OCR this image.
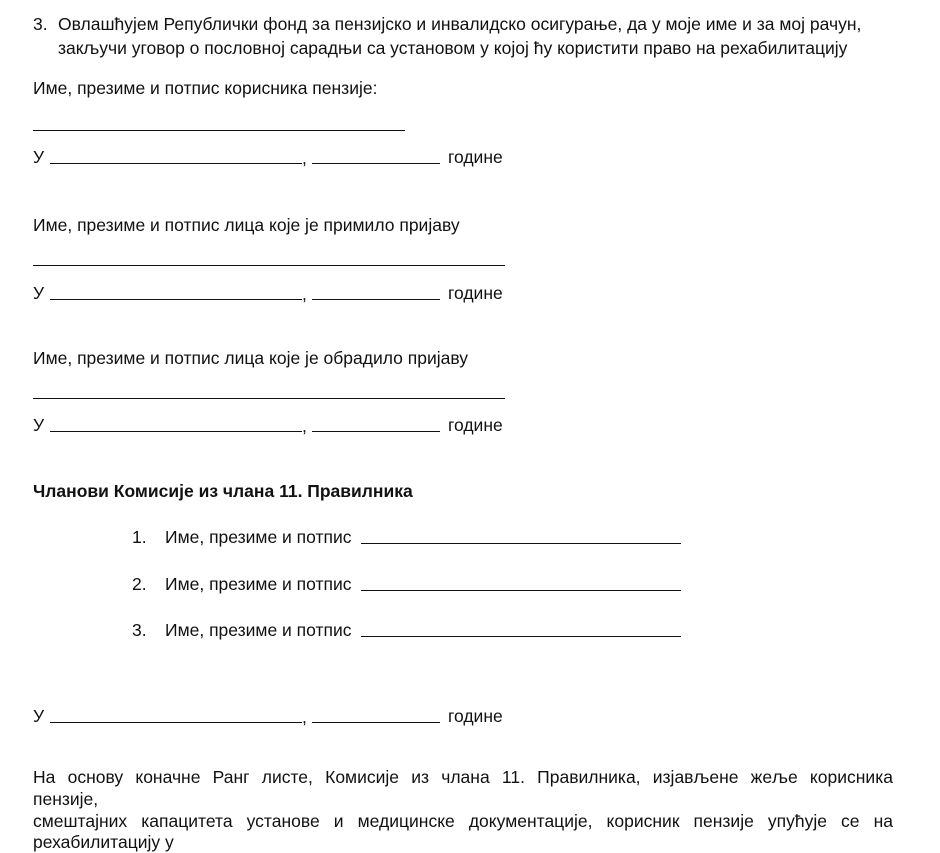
3. Овлашћујем Републички фонд за пензијско и инвалидско осигурање, да у моје име и за мој рачун,
закључи уговор о пословној сарадњи са установом у којој ћу користити право на рехабилитацију
Име, презиме и потпис корисника пензије:
У	,	године
Име, презиме и потпис лица које је примило пријаву
У	,	године
Име, презиме и потпис лица које је обрадило пријаву
У	,	године
Чланови Комисије из члана 11. Правилника
1. Име, презиме и потпис
2. Име, презиме и потпис
3. Име, презиме и потпис
У	,	године
На основу коначне Ранг листе, Комисије из члана 11. Правилника, изјављене жеље корисника
пензије,
смештајних капацитета установе и медицинске документације, корисник пензије упућује се на
рехабилитацију у
